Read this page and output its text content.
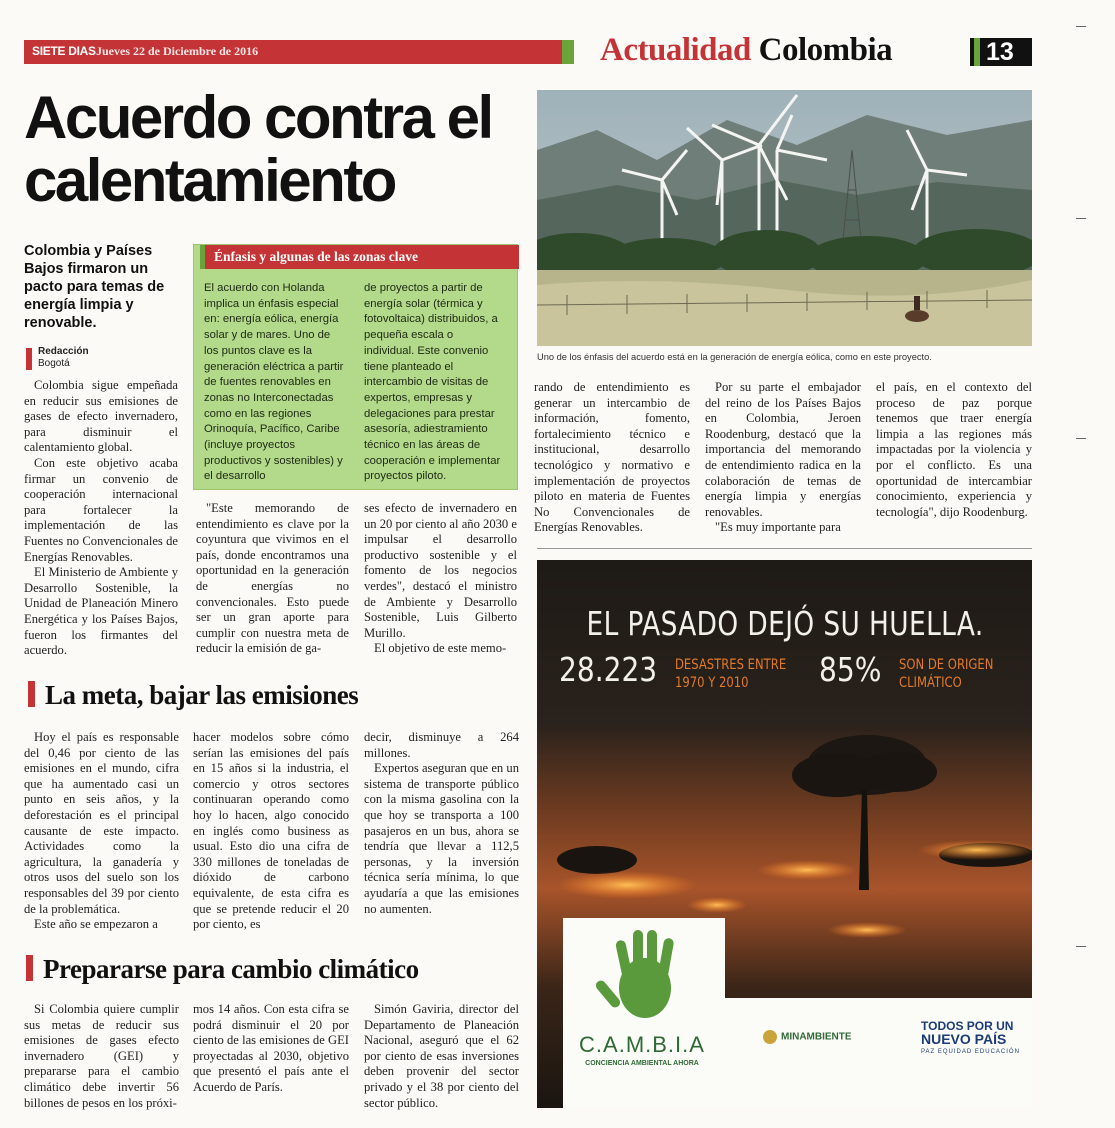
SIETE DIAS Jueves 22 de Diciembre de 2016	Actualidad Colombia	13
Acuerdo contra el calentamiento
Colombia y Países Bajos firmaron un pacto para temas de energía limpia y renovable.
Redacción
Bogotá

Colombia sigue empeñada en reducir sus emisiones de gases de efecto invernadero, para disminuir el calentamiento global.

Con este objetivo acaba firmar un convenio de cooperación internacional para fortalecer la implementación de las Fuentes no Convencionales de Energías Renovables.

El Ministerio de Ambiente y Desarrollo Sostenible, la Unidad de Planeación Minero Energética y los Países Bajos, fueron los firmantes del acuerdo.

Énfasis y algunas de las zonas clave
El acuerdo con Holanda implica un énfasis especial en: energía eólica, energía solar y de mares. Uno de los puntos clave es la generación eléctrica a partir de fuentes renovables en zonas no Interconectadas como en las regiones Orinoquía, Pacífico, Caribe (incluye proyectos productivos y sostenibles) y el desarrollo
de proyectos a partir de energía solar (térmica y fotovoltaica) distribuidos, a pequeña escala o individual. Este convenio tiene planteado el intercambio de visitas de expertos, empresas y delegaciones para prestar asesoría, adiestramiento técnico en las áreas de cooperación e implementar proyectos piloto.

"Este memorando de entendimiento es clave por la coyuntura que vivimos en el país, donde encontramos una oportunidad en la generación de energías no convencionales. Esto puede ser un gran aporte para cumplir con nuestra meta de reducir la emisión de ga-

ses efecto de invernadero en un 20 por ciento al año 2030 e impulsar el desarrollo productivo sostenible y el fomento de los negocios verdes", destacó el ministro de Ambiente y Desarrollo Sostenible, Luis Gilberto Murillo.

El objetivo de este memo-

Uno de los énfasis del acuerdo está en la generación de energía eólica, como en este proyecto.

rando de entendimiento es generar un intercambio de información, fomento, fortalecimiento técnico e institucional, desarrollo tecnológico y normativo e implementación de proyectos piloto en materia de Fuentes No Convencionales de Energías Renovables.

Por su parte el embajador del reino de los Países Bajos en Colombia, Jeroen Roodenburg, destacó que la importancia del memorando de entendimiento radica en la colaboración de temas de energía limpia y energías renovables.

"Es muy importante para

el país, en el contexto del proceso de paz porque tenemos que traer energía limpia a las regiones más impactadas por la violencia y por el conflicto. Es una oportunidad de intercambiar conocimiento, experiencia y tecnología", dijo Roodenburg.

La meta, bajar las emisiones

Hoy el país es responsable del 0,46 por ciento de las emisiones en el mundo, cifra que ha aumentado casi un punto en seis años, y la deforestación es el principal causante de este impacto. Actividades como la agricultura, la ganadería y otros usos del suelo son los responsables del 39 por ciento de la problemática.

Este año se empezaron a

hacer modelos sobre cómo serían las emisiones del país en 15 años si la industria, el comercio y otros sectores continuaran operando como hoy lo hacen, algo conocido en inglés como business as usual. Esto dio una cifra de 330 millones de toneladas de dióxido de carbono equivalente, de esta cifra es que se pretende reducir el 20 por ciento, es

decir, disminuye a 264 millones.

Expertos aseguran que en un sistema de transporte público con la misma gasolina con la que hoy se transporta a 100 pasajeros en un bus, ahora se tendría que llevar a 112,5 personas, y la inversión técnica sería mínima, lo que ayudaría a que las emisiones no aumenten.

Prepararse para cambio climático

Si Colombia quiere cumplir sus metas de reducir sus emisiones de gases efecto invernadero (GEI) y prepararse para el cambio climático debe invertir 56 billones de pesos en los próxi-

mos 14 años. Con esta cifra se podrá disminuir el 20 por ciento de las emisiones de GEI proyectadas al 2030, objetivo que presentó el país ante el Acuerdo de París.

Simón Gaviria, director del Departamento de Planeación Nacional, aseguró que el 62 por ciento de esas inversiones deben provenir del sector privado y el 38 por ciento del sector público.

EL PASADO DEJÓ SU HUELLA.
28.223 DESASTRES ENTRE 1970 Y 2010	85% SON DE ORIGEN CLIMÁTICO
C.A.M.B.I.A
CONCIENCIA AMBIENTAL AHORA
MINAMBIENTE
TODOS POR UN
NUEVO PAÍS
PAZ EQUIDAD EDUCACIÓN
